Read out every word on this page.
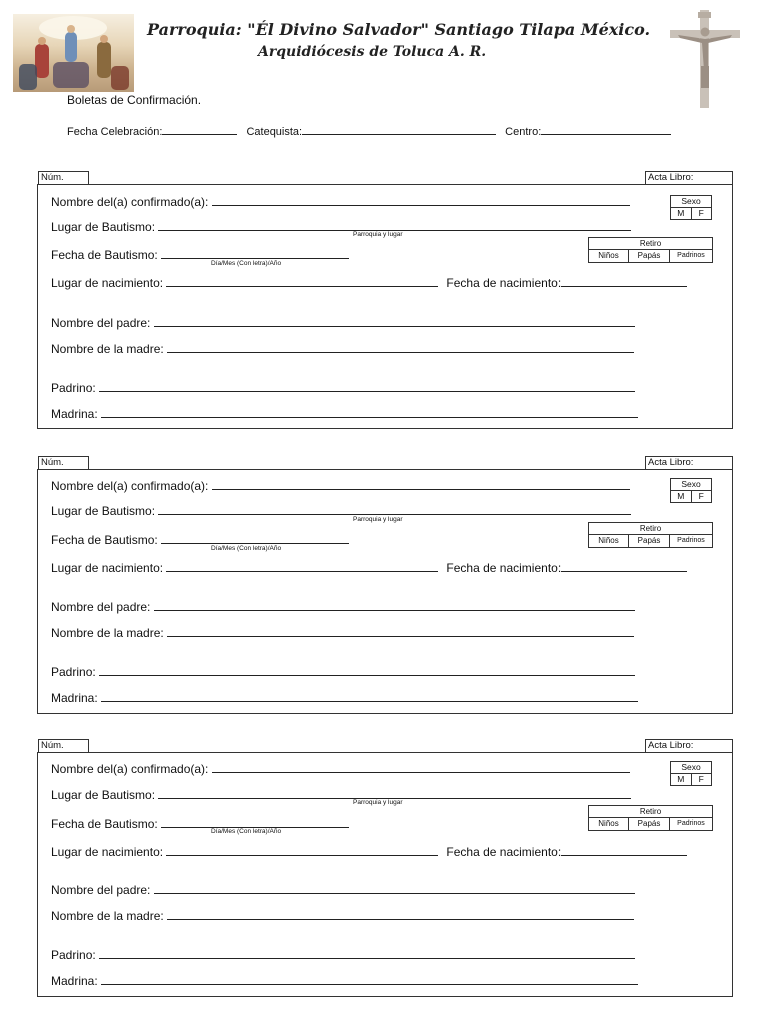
Parroquia: "Él Divino Salvador" Santiago Tilapa México.
Arquidiócesis de Toluca A. R.
Boletas de Confirmación.
Fecha Celebración:	Catequista:	Centro:
Núm.	Acta Libro:
Nombre del(a) confirmado(a):	Sexo
M	F
Lugar de Bautismo:
Parroquia y lugar
Retiro
Niños	Papás	Padrinos
Fecha de Bautismo:
Día/Mes (Con letra)/Año
Lugar de nacimiento:	Fecha de nacimiento:
Nombre del padre:
Nombre de la madre:
Padrino:
Madrina:
Núm.	Acta Libro:
Nombre del(a) confirmado(a):	Sexo
M	F
Lugar de Bautismo:
Parroquia y lugar
Retiro
Niños	Papás	Padrinos
Fecha de Bautismo:
Día/Mes (Con letra)/Año
Lugar de nacimiento:	Fecha de nacimiento:
Nombre del padre:
Nombre de la madre:
Padrino:
Madrina:
Núm.	Acta Libro:
Nombre del(a) confirmado(a):	Sexo
M	F
Lugar de Bautismo:
Parroquia y lugar
Retiro
Niños	Papás	Padrinos
Fecha de Bautismo:
Día/Mes (Con letra)/Año
Lugar de nacimiento:	Fecha de nacimiento:
Nombre del padre:
Nombre de la madre:
Padrino:
Madrina:
